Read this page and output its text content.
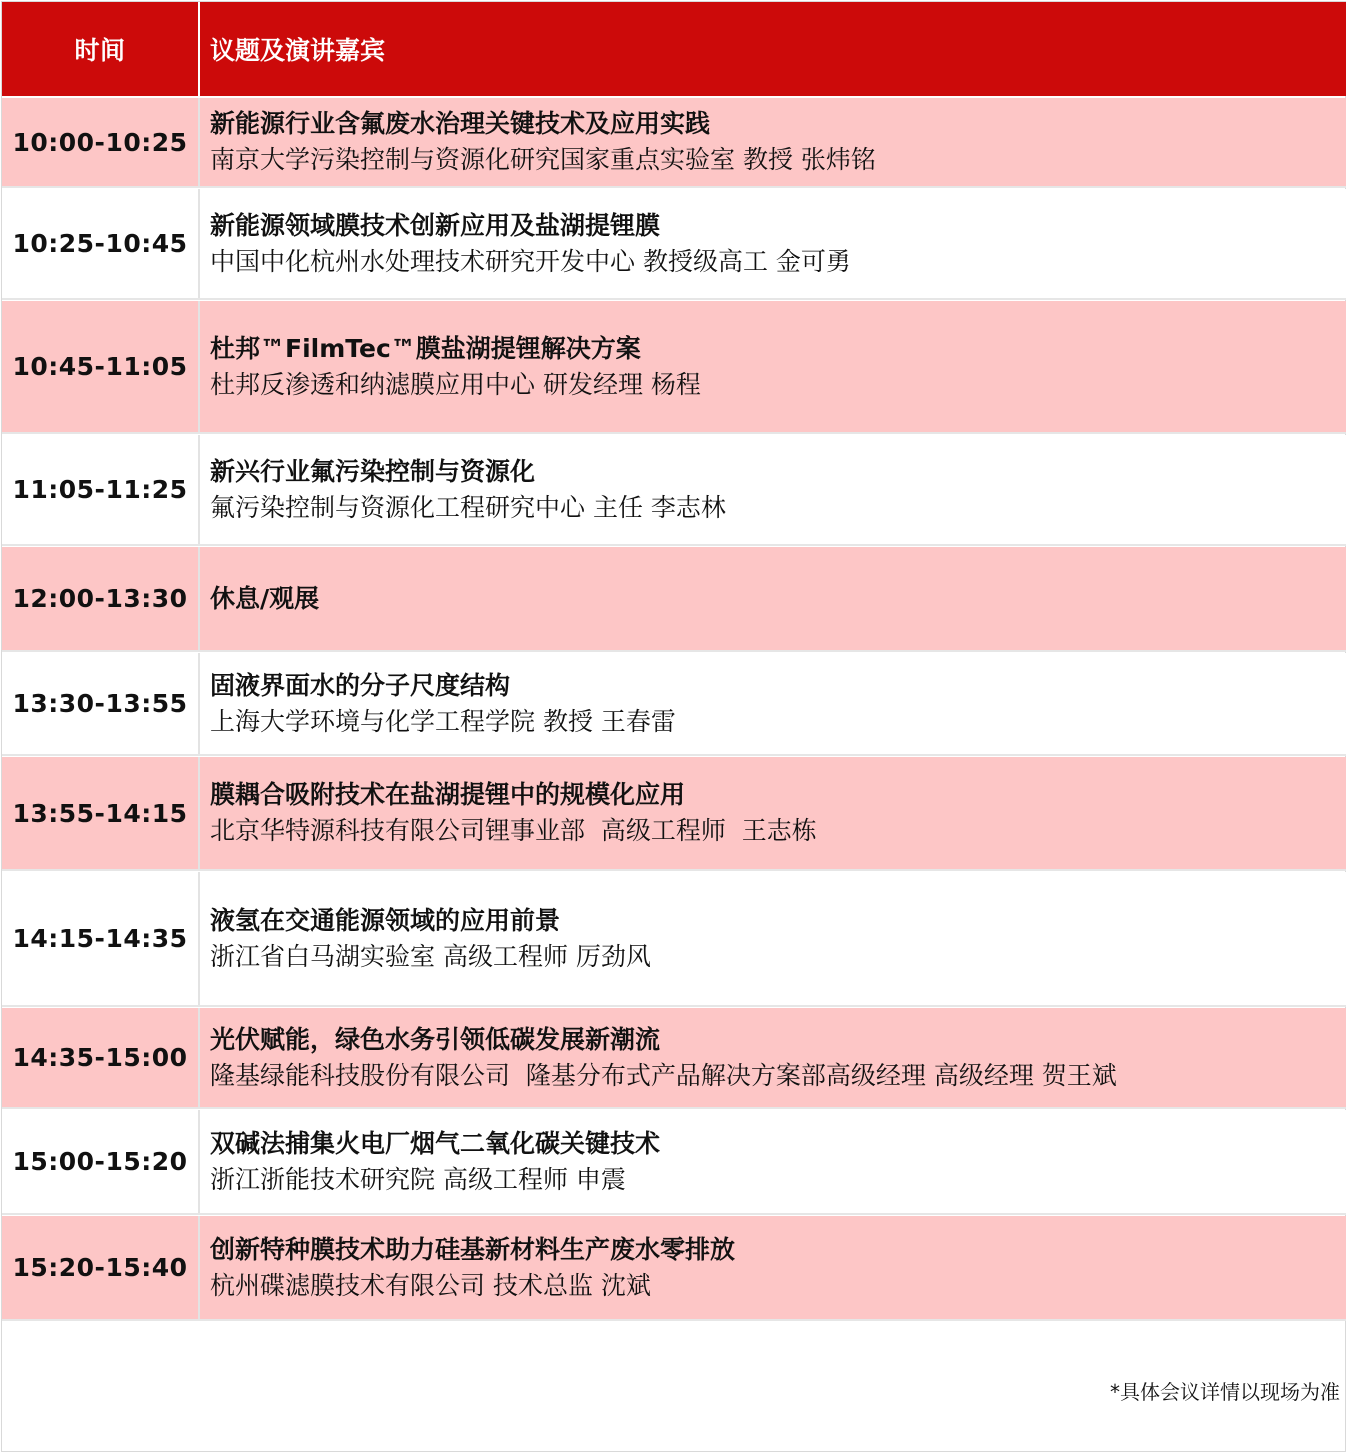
时间	议题及演讲嘉宾
10:00-10:25
新能源行业含氟废水治理关键技术及应用实践
南京大学污染控制与资源化研究国家重点实验室 教授 张炜铭
10:25-10:45
新能源领域膜技术创新应用及盐湖提锂膜
中国中化杭州水处理技术研究开发中心 教授级高工 金可勇
10:45-11:05
杜邦™FilmTec™膜盐湖提锂解决方案
杜邦反渗透和纳滤膜应用中心 研发经理 杨程
11:05-11:25
新兴行业氟污染控制与资源化
氟污染控制与资源化工程研究中心 主任 李志林
12:00-13:30 休息/观展
13:30-13:55
固液界面水的分子尺度结构
上海大学环境与化学工程学院 教授 王春雷
13:55-14:15
膜耦合吸附技术在盐湖提锂中的规模化应用
北京华特源科技有限公司锂事业部  高级工程师  王志栋
14:15-14:35
液氢在交通能源领域的应用前景
浙江省白马湖实验室 高级工程师 厉劲风
14:35-15:00
光伏赋能，绿色水务引领低碳发展新潮流
隆基绿能科技股份有限公司  隆基分布式产品解决方案部高级经理 高级经理 贺王斌
15:00-15:20
双碱法捕集火电厂烟气二氧化碳关键技术
浙江浙能技术研究院 高级工程师 申震
15:20-15:40
创新特种膜技术助力硅基新材料生产废水零排放
杭州碟滤膜技术有限公司 技术总监 沈斌
*具体会议详情以现场为准
